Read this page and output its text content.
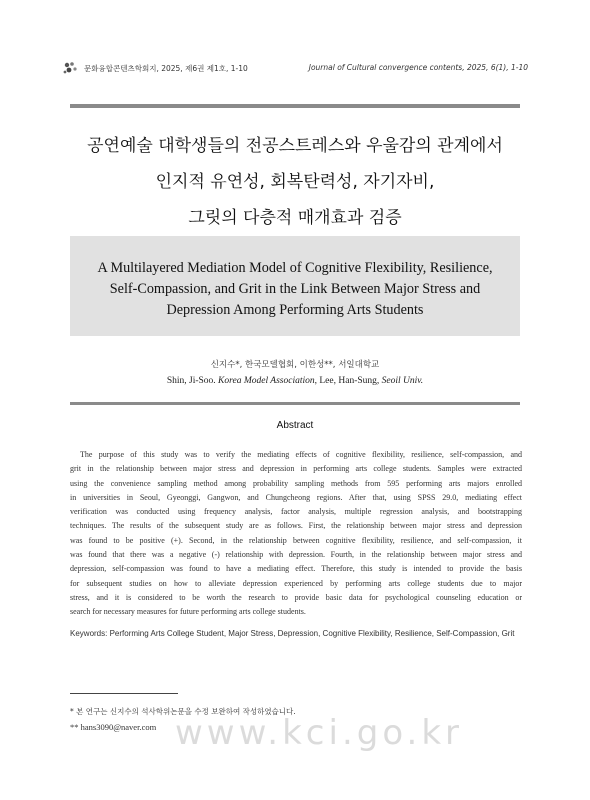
문화융합콘텐츠학회지, 2025, 제6권 제1호, 1-10	Journal of Cultural convergence contents, 2025, 6(1), 1-10
공연예술 대학생들의 전공스트레스와 우울감의 관계에서
인지적 유연성, 회복탄력성, 자기자비,
그릿의 다층적 매개효과 검증
A Multilayered Mediation Model of Cognitive Flexibility, Resilience,
Self-Compassion, and Grit in the Link Between Major Stress and
Depression Among Performing Arts Students
신지수*, 한국모델협회, 이한성**, 서일대학교
Shin, Ji-Soo. Korea Model Association, Lee, Han-Sung, Seoil Univ.
Abstract
The purpose of this study was to verify the mediating effects of cognitive flexibility, resilience, self-compassion, and
grit in the relationship between major stress and depression in performing arts college students. Samples were extracted
using the convenience sampling method among probability sampling methods from 595 performing arts majors enrolled
in universities in Seoul, Gyeonggi, Gangwon, and Chungcheong regions. After that, using SPSS 29.0, mediating effect
verification was conducted using frequency analysis, factor analysis, multiple regression analysis, and bootstrapping
techniques. The results of the subsequent study are as follows. First, the relationship between major stress and depression
was found to be positive (+). Second, in the relationship between cognitive flexibility, resilience, and self-compassion, it
was found that there was a negative (-) relationship with depression. Fourth, in the relationship between major stress and
depression, self-compassion was found to have a mediating effect. Therefore, this study is intended to provide the basis
for subsequent studies on how to alleviate depression experienced by performing arts college students due to major
stress, and it is considered to be worth the research to provide basic data for psychological counseling education or
search for necessary measures for future performing arts college students.
Keywords: Performing Arts College Student, Major Stress, Depression, Cognitive Flexibility, Resilience, Self-Compassion, Grit
* 본 연구는 신지수의 석사학위논문을 수정 보완하여 작성하였습니다.
** hans3090@naver.com www.kci.go.kr
